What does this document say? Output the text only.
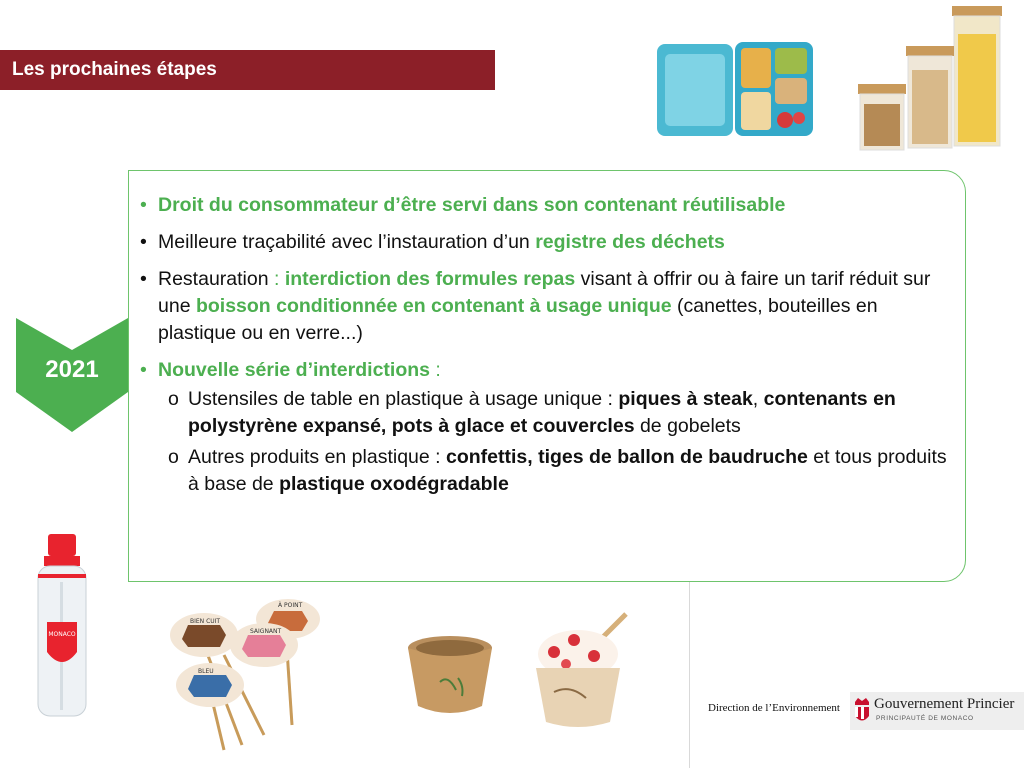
Les prochaines étapes
2021
• Droit du consommateur d’être servi dans son contenant réutilisable
• Meilleure traçabilité avec l’instauration d’un registre des déchets
• Restauration : interdiction des formules repas visant à offrir ou à faire un tarif réduit sur une boisson conditionnée en contenant à usage unique (canettes, bouteilles en plastique ou en verre...)
• Nouvelle série d’interdictions :
o Ustensiles de table en plastique à usage unique : piques à steak, contenants en polystyrène expansé, pots à glace et couvercles de gobelets
o Autres produits en plastique : confettis, tiges de ballon de baudruche et tous produits à base de plastique oxodégradable
MONACO
BIEN CUIT
À POINT
SAIGNANT
BLEU
Direction de l’Environnement Gouvernement Princier
PRINCIPAUTÉ DE MONACO
